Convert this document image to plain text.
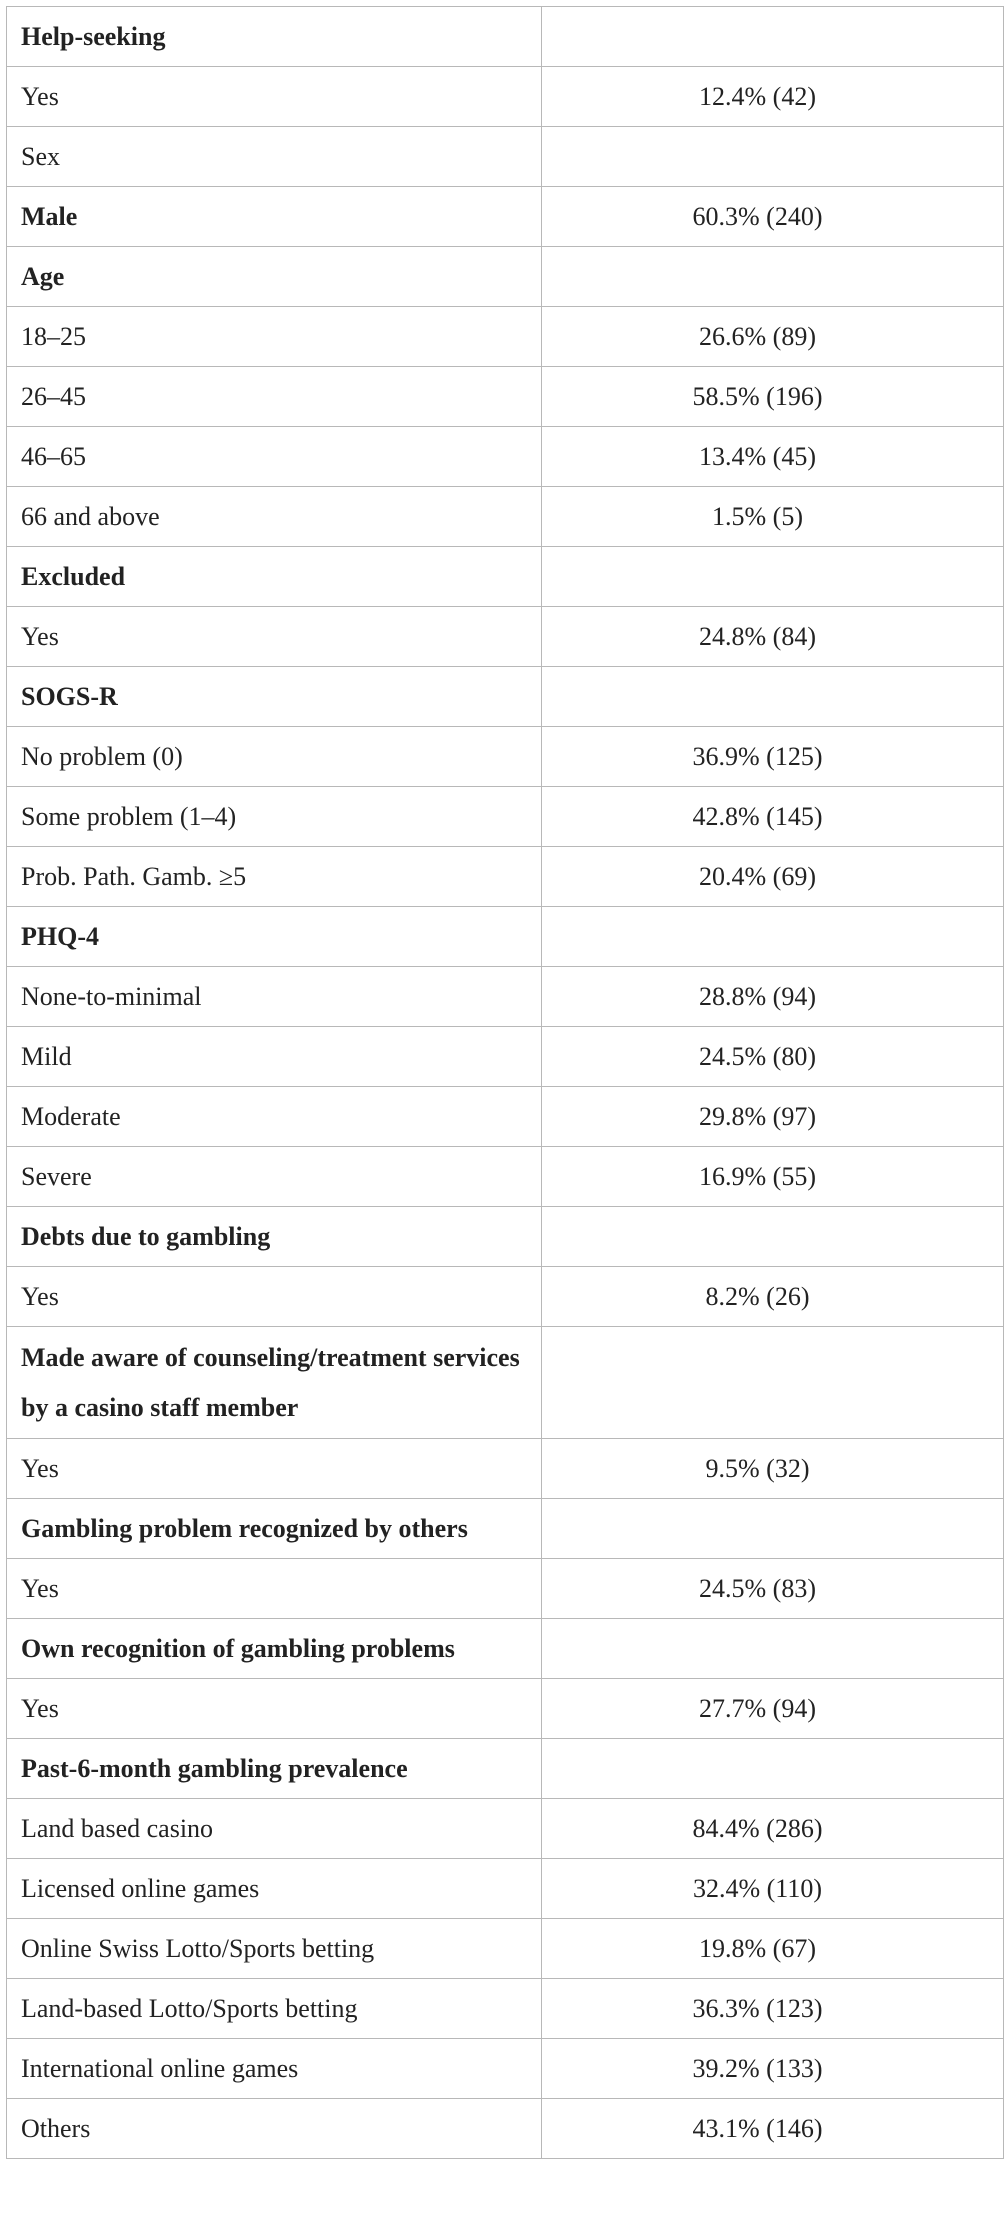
Help-seeking	
Yes	12.4% (42)
Sex	
Male	60.3% (240)
Age	
18–25	26.6% (89)
26–45	58.5% (196)
46–65	13.4% (45)
66 and above	1.5% (5)
Excluded	
Yes	24.8% (84)
SOGS-R	
No problem (0)	36.9% (125)
Some problem (1–4)	42.8% (145)
Prob. Path. Gamb. ≥5	20.4% (69)
PHQ-4	
None-to-minimal	28.8% (94)
Mild	24.5% (80)
Moderate	29.8% (97)
Severe	16.9% (55)
Debts due to gambling	
Yes	8.2% (26)
Made aware of counseling/treatment services by a casino staff member	
Yes	9.5% (32)
Gambling problem recognized by others	
Yes	24.5% (83)
Own recognition of gambling problems	
Yes	27.7% (94)
Past-6-month gambling prevalence	
Land based casino	84.4% (286)
Licensed online games	32.4% (110)
Online Swiss Lotto/Sports betting	19.8% (67)
Land-based Lotto/Sports betting	36.3% (123)
International online games	39.2% (133)
Others	43.1% (146)
